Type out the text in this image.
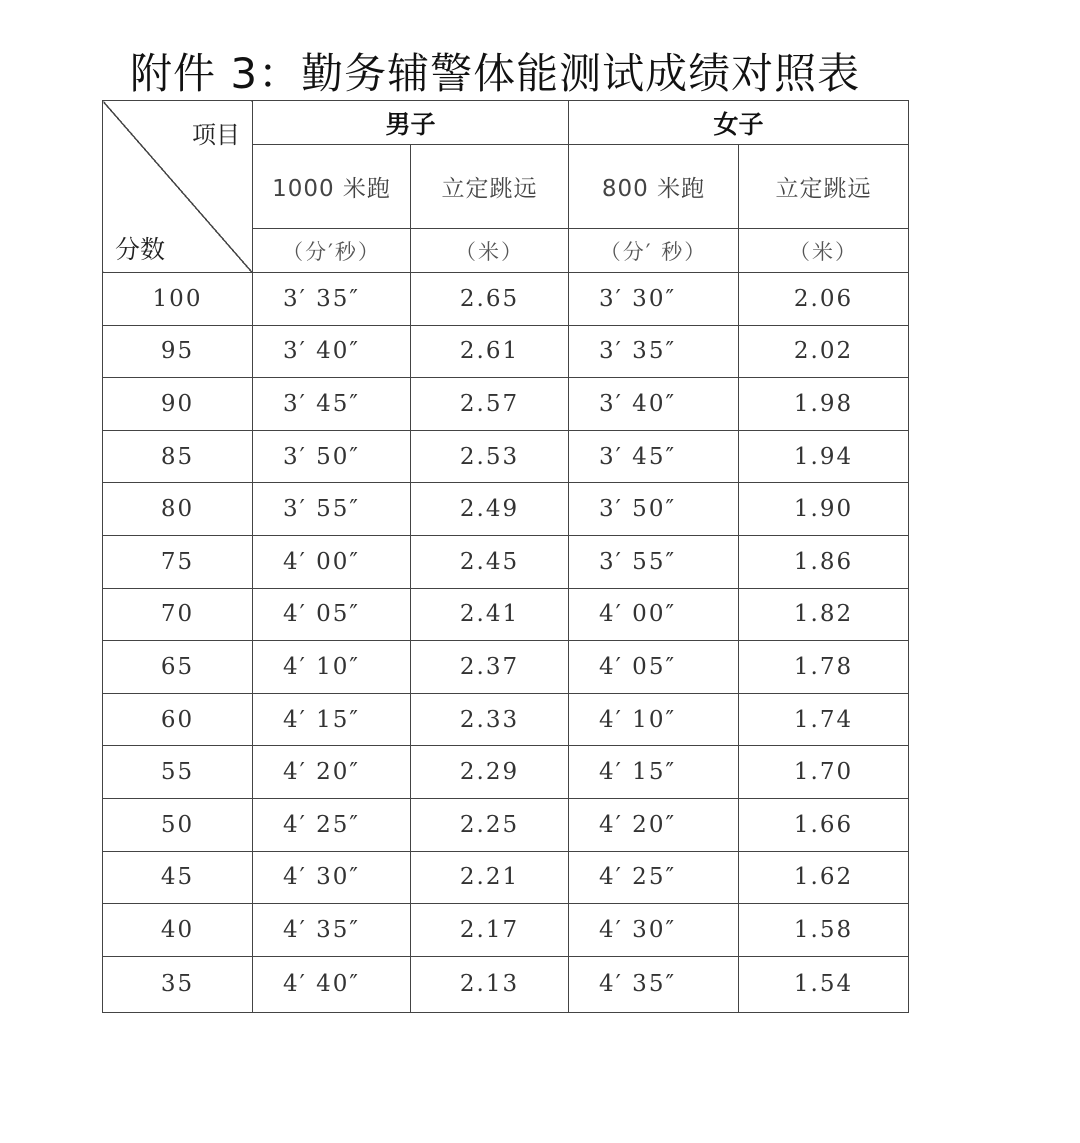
附件 3：勤务辅警体能测试成绩对照表
项目
分数	男子		女子	
	1000 米跑	立定跳远	800 米跑	立定跳远
	（分′秒）	（米）	（分′ 秒）	（米）
100	3′ 35″	2.65	3′ 30″	2.06
95	3′ 40″	2.61	3′ 35″	2.02
90	3′ 45″	2.57	3′ 40″	1.98
85	3′ 50″	2.53	3′ 45″	1.94
80	3′ 55″	2.49	3′ 50″	1.90
75	4′ 00″	2.45	3′ 55″	1.86
70	4′ 05″	2.41	4′ 00″	1.82
65	4′ 10″	2.37	4′ 05″	1.78
60	4′ 15″	2.33	4′ 10″	1.74
55	4′ 20″	2.29	4′ 15″	1.70
50	4′ 25″	2.25	4′ 20″	1.66
45	4′ 30″	2.21	4′ 25″	1.62
40	4′ 35″	2.17	4′ 30″	1.58
35	4′ 40″	2.13	4′ 35″	1.54
